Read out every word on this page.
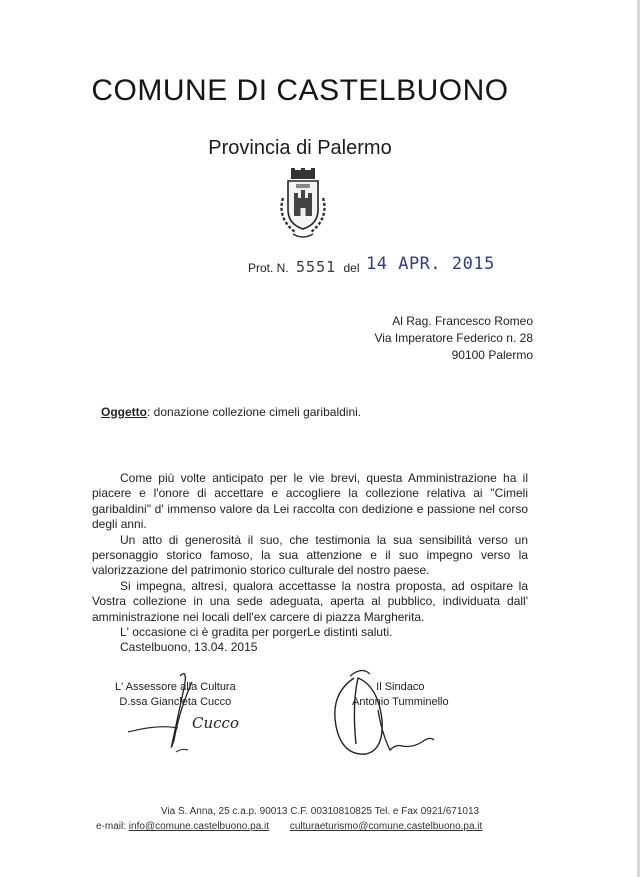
COMUNE DI CASTELBUONO
Provincia di Palermo
Prot. N. 5551 del 14 APR. 2015
Al Rag. Francesco Romeo
Via Imperatore Federico n. 28
90100 Palermo
Oggetto: donazione collezione cimeli garibaldini.

Come più volte anticipato per le vie brevi, questa Amministrazione ha il piacere e l'onore di accettare e accogliere la collezione relativa ai "Cimeli garibaldini" d' immenso valore da Lei raccolta con dedizione e passione nel corso degli anni.

Un atto di generosità il suo, che testimonia la sua sensibilità verso un personaggio storico famoso, la sua attenzione e il suo impegno verso la valorizzazione del patrimonio storico culturale del nostro paese.

Si impegna, altresì, qualora accettasse la nostra proposta, ad ospitare la Vostra collezione in una sede adeguata, aperta al pubblico, individuata dall' amministrazione nei locali dell'ex carcere di piazza Margherita.

L' occasione ci è gradita per porgerLe distinti saluti.

Castelbuono, 13.04. 2015
L' Assessore alla Cultura
D.ssa Giancleta Cucco
Cucco
Il Sindaco
Antonio Tumminello
Via S. Anna, 25 c.a.p. 90013 C.F. 00310810825 Tel. e Fax 0921/671013
e-mail: info@comune.castelbuono.pa.it culturaeturismo@comune.castelbuono.pa.it
